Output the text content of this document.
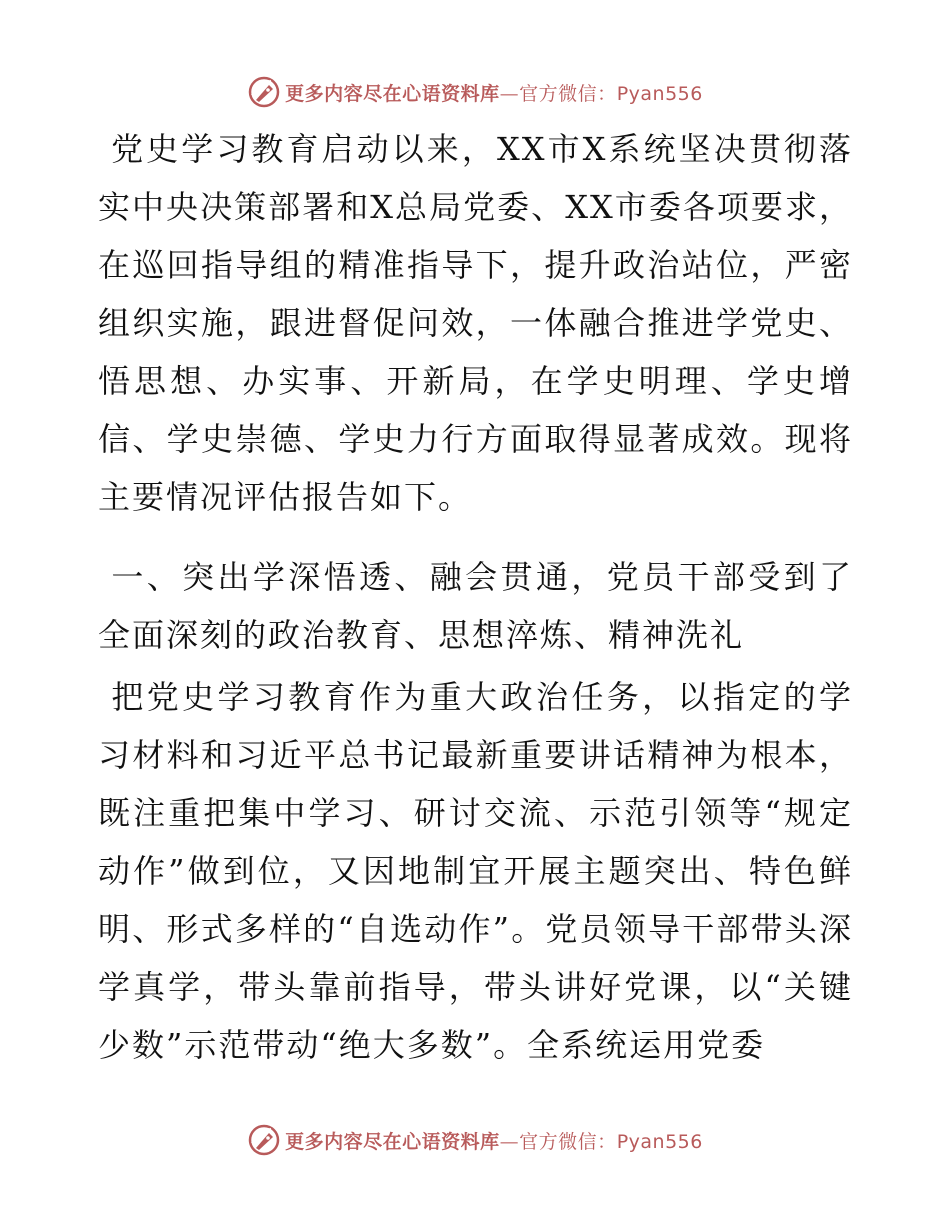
更多内容尽在心语资料库—官方微信：Pyan556

党史学习教育启动以来，XX市X系统坚决贯彻落实中央决策部署和X总局党委、XX市委各项要求，在巡回指导组的精准指导下，提升政治站位，严密组织实施，跟进督促问效，一体融合推进学党史、悟思想、办实事、开新局，在学史明理、学史增信、学史崇德、学史力行方面取得显著成效。现将主要情况评估报告如下。

一、突出学深悟透、融会贯通，党员干部受到了全面深刻的政治教育、思想淬炼、精神洗礼

把党史学习教育作为重大政治任务，以指定的学习材料和习近平总书记最新重要讲话精神为根本，既注重把集中学习、研讨交流、示范引领等“规定动作”做到位，又因地制宜开展主题突出、特色鲜明、形式多样的“自选动作”。党员领导干部带头深学真学，带头靠前指导，带头讲好党课，以“关键少数”示范带动“绝大多数”。全系统运用党委

更多内容尽在心语资料库—官方微信：Pyan556
